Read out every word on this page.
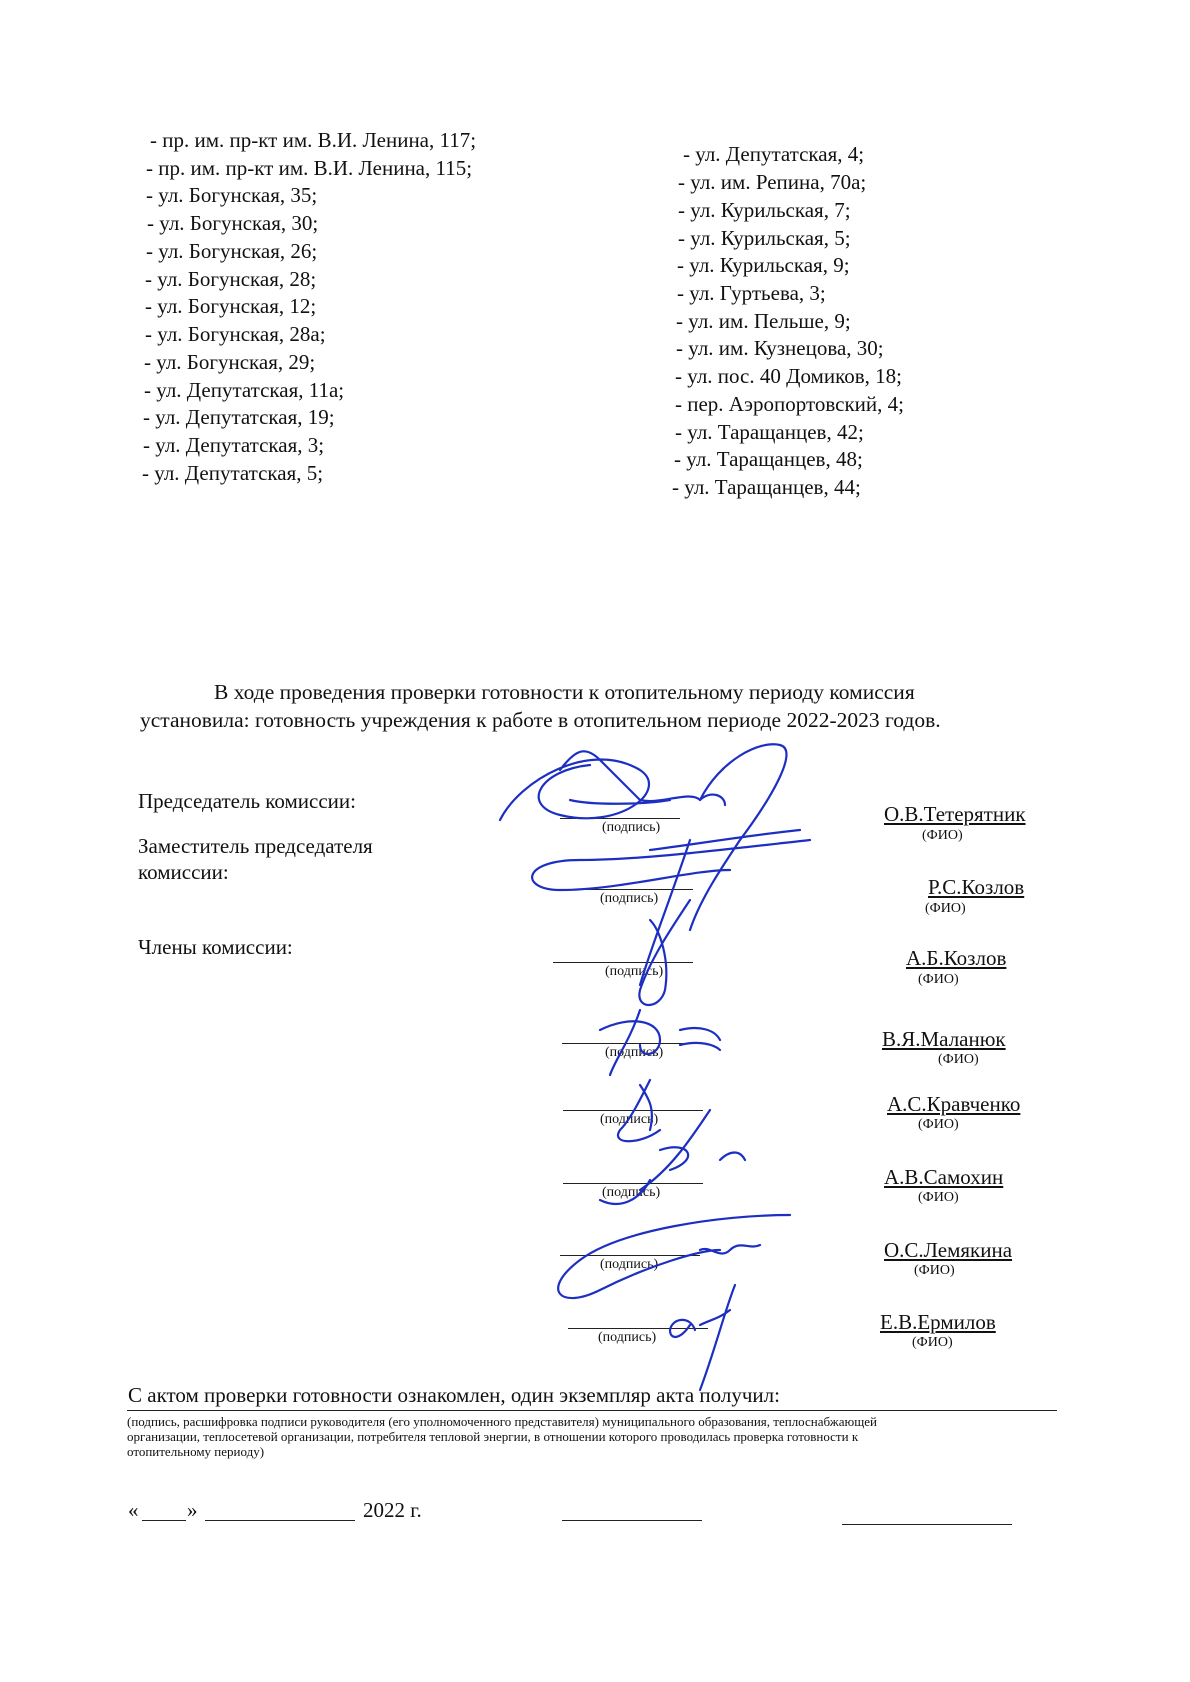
- пр. им. пр-кт им. В.И. Ленина, 117;
- пр. им. пр-кт им. В.И. Ленина, 115;
- ул. Богунская, 35;
- ул. Богунская, 30;
- ул. Богунская, 26;
- ул. Богунская, 28;
- ул. Богунская, 12;
- ул. Богунская, 28а;
- ул. Богунская, 29;
- ул. Депутатская, 11а;
- ул. Депутатская, 19;
- ул. Депутатская, 3;
- ул. Депутатская, 5;
- ул. Депутатская, 4;
- ул. им. Репина, 70а;
- ул. Курильская, 7;
- ул. Курильская, 5;
- ул. Курильская, 9;
- ул. Гуртьева, 3;
- ул. им. Пельше, 9;
- ул. им. Кузнецова, 30;
- ул. пос. 40 Домиков, 18;
- пер. Аэропортовский, 4;
- ул. Таращанцев, 42;
- ул. Таращанцев, 48;
- ул. Таращанцев, 44;
В ходе проведения проверки готовности к отопительному периоду комиссия
установила: готовность учреждения к работе в отопительном периоде 2022-2023 годов.
Председатель комиссии:
Заместитель председателя
комиссии:
Члены комиссии:
(подпись)
(подпись)
(подпись)
(подпись)
(подпись)
(подпись)
(подпись)
(подпись)
О.В.Тетерятник
(ФИО)
Р.С.Козлов
(ФИО)
А.Б.Козлов
(ФИО)
В.Я.Маланюк
(ФИО)
А.С.Кравченко
(ФИО)
А.В.Самохин
(ФИО)
О.С.Лемякина
(ФИО)
Е.В.Ермилов
(ФИО)
С актом проверки готовности ознакомлен, один экземпляр акта получил:
(подпись, расшифровка подписи руководителя (его уполномоченного представителя) муниципального образования, теплоснабжающей
организации, теплосетевой организации, потребителя тепловой энергии, в отношении которого проводилась проверка готовности к
отопительному периоду)
« »	2022 г.
